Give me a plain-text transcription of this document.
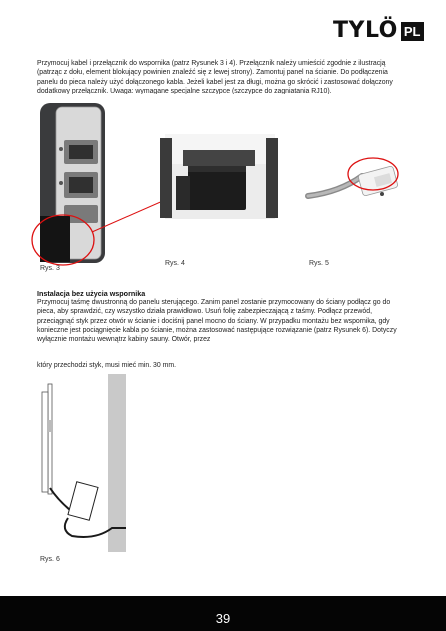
TYLÖ PL
Przymocuj kabel i przełącznik do wspornika (patrz Rysunek 3 i 4). Przełącznik należy umieścić zgodnie z ilustracją (patrząc z dołu, element blokujący powinien znaleźć się z lewej strony). Zamontuj panel na ścianie. Do podłączenia panelu do pieca należy użyć dołączonego kabla. Jeżeli kabel jest za długi, można go skrócić i zastosować dołączony dodatkowy przełącznik. Uwaga: wymagane specjalne szczypce (szczypce do zagniatania RJ10).
Rys. 3
Rys. 4	Rys. 5
Instalacja bez użycia wspornika
Przymocuj taśmę dwustronną do panelu sterującego. Zanim panel zostanie przymocowany do ściany podłącz go do pieca, aby sprawdzić, czy wszystko działa prawidłowo. Usuń folię zabezpieczającą z taśmy. Podłącz przewód, przeciągnąć styk przez otwór w ścianie i dociśnij panel mocno do ściany. W przypadku montażu bez wspornika, gdy konieczne jest pociągnięcie kabla po ścianie, można zastosować następujące rozwiązanie (patrz Rysunek 6). Dotyczy wyłącznie montażu wewnątrz kabiny sauny. Otwór, przez
który przechodzi styk, musi mieć min. 30 mm.
Rys. 6
39
